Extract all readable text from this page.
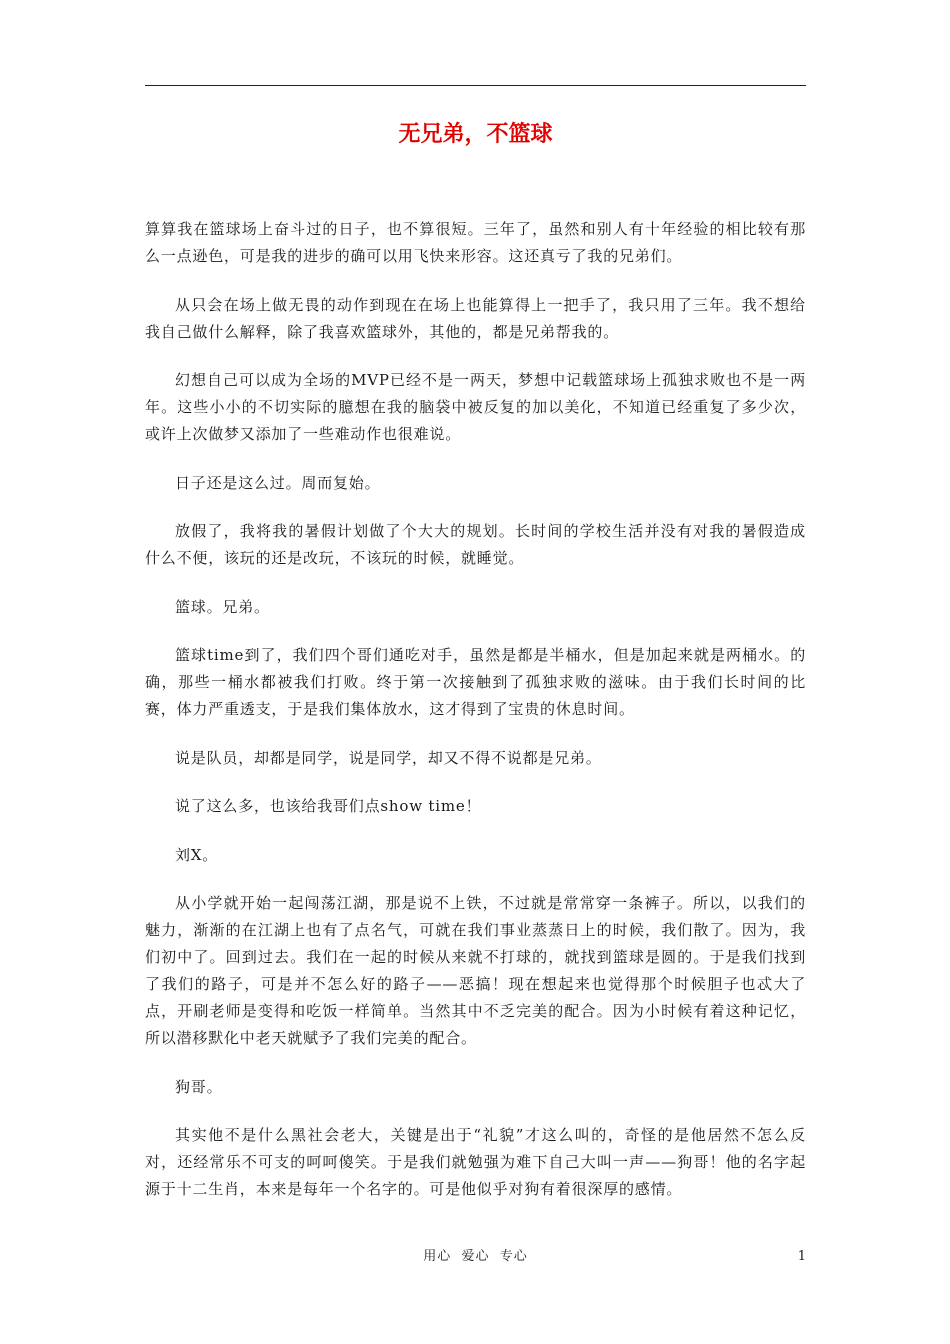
无兄弟，不篮球

算算我在篮球场上奋斗过的日子，也不算很短。三年了，虽然和别人有十年经验的相比较有那么一点逊色，可是我的进步的确可以用飞快来形容。这还真亏了我的兄弟们。

从只会在场上做无畏的动作到现在在场上也能算得上一把手了，我只用了三年。我不想给我自己做什么解释，除了我喜欢篮球外，其他的，都是兄弟帮我的。

幻想自己可以成为全场的MVP已经不是一两天，梦想中记载篮球场上孤独求败也不是一两年。这些小小的不切实际的臆想在我的脑袋中被反复的加以美化，不知道已经重复了多少次，或许上次做梦又添加了一些难动作也很难说。

日子还是这么过。周而复始。

放假了，我将我的暑假计划做了个大大的规划。长时间的学校生活并没有对我的暑假造成什么不便，该玩的还是改玩，不该玩的时候，就睡觉。

篮球。兄弟。

篮球time到了，我们四个哥们通吃对手，虽然是都是半桶水，但是加起来就是两桶水。的确，那些一桶水都被我们打败。终于第一次接触到了孤独求败的滋味。由于我们长时间的比赛，体力严重透支，于是我们集体放水，这才得到了宝贵的休息时间。

说是队员，却都是同学，说是同学，却又不得不说都是兄弟。

说了这么多，也该给我哥们点show time！

刘X。

从小学就开始一起闯荡江湖，那是说不上铁，不过就是常常穿一条裤子。所以，以我们的魅力，渐渐的在江湖上也有了点名气，可就在我们事业蒸蒸日上的时候，我们散了。因为，我们初中了。回到过去。我们在一起的时候从来就不打球的，就找到篮球是圆的。于是我们找到了我们的路子，可是并不怎么好的路子——恶搞！现在想起来也觉得那个时候胆子也忒大了点，开刷老师是变得和吃饭一样简单。当然其中不乏完美的配合。因为小时候有着这种记忆，所以潜移默化中老天就赋予了我们完美的配合。

狗哥。

其实他不是什么黑社会老大，关键是出于“礼貌”才这么叫的，奇怪的是他居然不怎么反对，还经常乐不可支的呵呵傻笑。于是我们就勉强为难下自己大叫一声——狗哥！他的名字起源于十二生肖，本来是每年一个名字的。可是他似乎对狗有着很深厚的感情。

用心  爱心  专心	1
